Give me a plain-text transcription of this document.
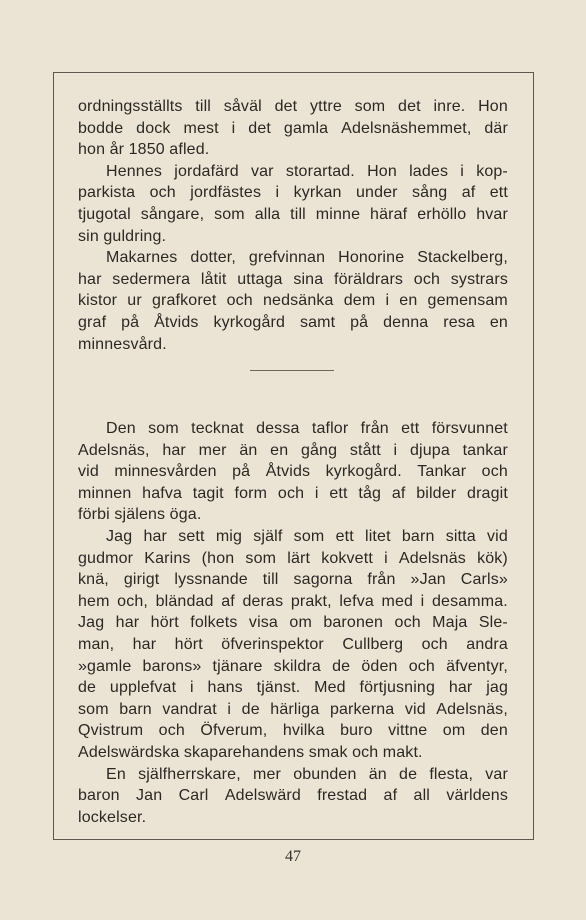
ordningsställts till såväl det yttre som det inre. Hon
bodde dock mest i det gamla Adelsnäshemmet, där
hon år 1850 afled.
Hennes jordafärd var storartad. Hon lades i kop-
parkista och jordfästes i kyrkan under sång af ett
tjugotal sångare, som alla till minne häraf erhöllo hvar
sin guldring.
Makarnes dotter, grefvinnan Honorine Stackelberg,
har sedermera låtit uttaga sina föräldrars och systrars
kistor ur grafkoret och nedsänka dem i en gemensam
graf på Åtvids kyrkogård samt på denna resa en
minnesvård.
Den som tecknat dessa taflor från ett försvunnet
Adelsnäs, har mer än en gång stått i djupa tankar
vid minnesvården på Åtvids kyrkogård. Tankar och
minnen hafva tagit form och i ett tåg af bilder dragit
förbi själens öga.
Jag har sett mig själf som ett litet barn sitta vid
gudmor Karins (hon som lärt kokvett i Adelsnäs kök)
knä, girigt lyssnande till sagorna från »Jan Carls»
hem och, bländad af deras prakt, lefva med i desamma.
Jag har hört folkets visa om baronen och Maja Sle-
man, har hört öfverinspektor Cullberg och andra
»gamle barons» tjänare skildra de öden och äfventyr,
de upplefvat i hans tjänst. Med förtjusning har jag
som barn vandrat i de härliga parkerna vid Adelsnäs,
Qvistrum och Öfverum, hvilka buro vittne om den
Adelswärdska skaparehandens smak och makt.
En själfherrskare, mer obunden än de flesta, var
baron Jan Carl Adelswärd frestad af all världens
lockelser.
47
